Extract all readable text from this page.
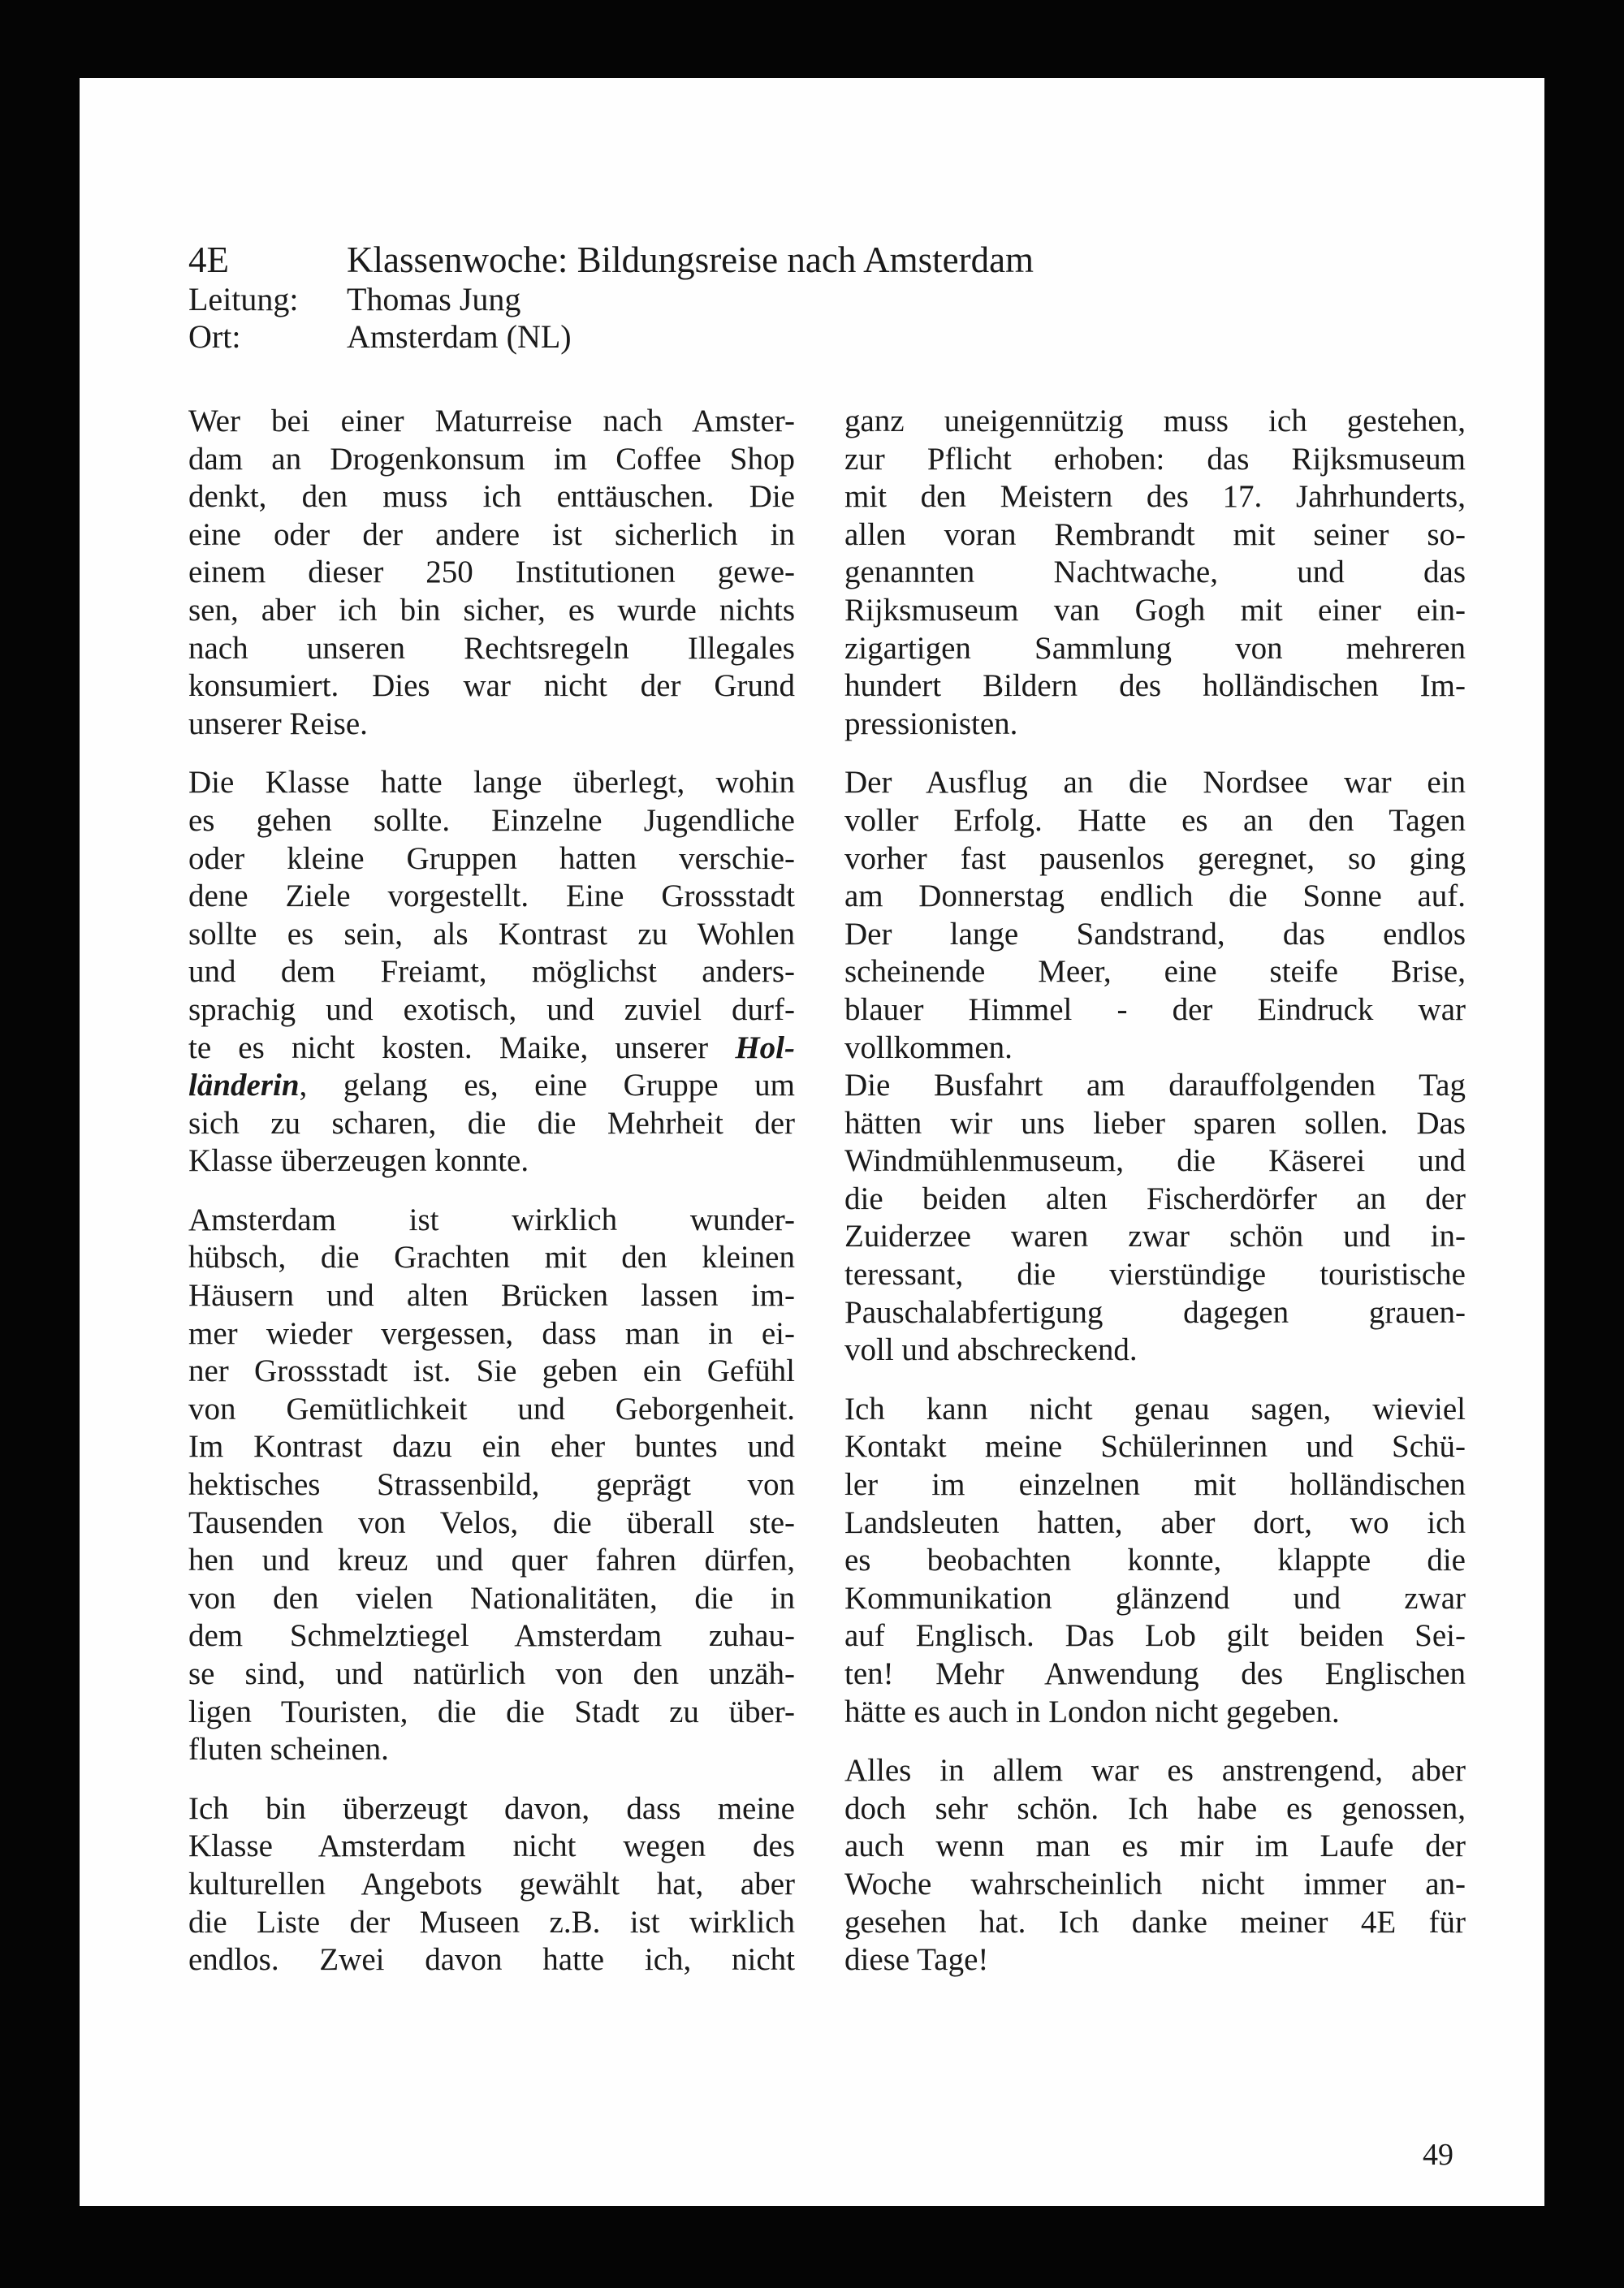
4E	Klassenwoche: Bildungsreise nach Amsterdam
Leitung:	Thomas Jung
Ort:	Amsterdam (NL)

Wer bei einer Maturreise nach Amster-
dam an Drogenkonsum im Coffee Shop
denkt, den muss ich enttäuschen. Die
eine oder der andere ist sicherlich in
einem dieser 250 Institutionen gewe-
sen, aber ich bin sicher, es wurde nichts
nach unseren Rechtsregeln Illegales
konsumiert. Dies war nicht der Grund
unserer Reise.

Die Klasse hatte lange überlegt, wohin
es gehen sollte. Einzelne Jugendliche
oder kleine Gruppen hatten verschie-
dene Ziele vorgestellt. Eine Grossstadt
sollte es sein, als Kontrast zu Wohlen
und dem Freiamt, möglichst anders-
sprachig und exotisch, und zuviel durf-
te es nicht kosten. Maike, unserer Hol-
länderin, gelang es, eine Gruppe um
sich zu scharen, die die Mehrheit der
Klasse überzeugen konnte.

Amsterdam ist wirklich wunder-
hübsch, die Grachten mit den kleinen
Häusern und alten Brücken lassen im-
mer wieder vergessen, dass man in ei-
ner Grossstadt ist. Sie geben ein Gefühl
von Gemütlichkeit und Geborgenheit.
Im Kontrast dazu ein eher buntes und
hektisches Strassenbild, geprägt von
Tausenden von Velos, die überall ste-
hen und kreuz und quer fahren dürfen,
von den vielen Nationalitäten, die in
dem Schmelztiegel Amsterdam zuhau-
se sind, und natürlich von den unzäh-
ligen Touristen, die die Stadt zu über-
fluten scheinen.

Ich bin überzeugt davon, dass meine
Klasse Amsterdam nicht wegen des
kulturellen Angebots gewählt hat, aber
die Liste der Museen z.B. ist wirklich
endlos. Zwei davon hatte ich, nicht

ganz uneigennützig muss ich gestehen,
zur Pflicht erhoben: das Rijksmuseum
mit den Meistern des 17. Jahrhunderts,
allen voran Rembrandt mit seiner so-
genannten Nachtwache, und das
Rijksmuseum van Gogh mit einer ein-
zigartigen Sammlung von mehreren
hundert Bildern des holländischen Im-
pressionisten.

Der Ausflug an die Nordsee war ein
voller Erfolg. Hatte es an den Tagen
vorher fast pausenlos geregnet, so ging
am Donnerstag endlich die Sonne auf.
Der lange Sandstrand, das endlos
scheinende Meer, eine steife Brise,
blauer Himmel - der Eindruck war
vollkommen.

Die Busfahrt am darauffolgenden Tag
hätten wir uns lieber sparen sollen. Das
Windmühlenmuseum, die Käserei und
die beiden alten Fischerdörfer an der
Zuiderzee waren zwar schön und in-
teressant, die vierstündige touristische
Pauschalabfertigung dagegen grauen-
voll und abschreckend.

Ich kann nicht genau sagen, wieviel
Kontakt meine Schülerinnen und Schü-
ler im einzelnen mit holländischen
Landsleuten hatten, aber dort, wo ich
es beobachten konnte, klappte die
Kommunikation glänzend und zwar
auf Englisch. Das Lob gilt beiden Sei-
ten! Mehr Anwendung des Englischen
hätte es auch in London nicht gegeben.

Alles in allem war es anstrengend, aber
doch sehr schön. Ich habe es genossen,
auch wenn man es mir im Laufe der
Woche wahrscheinlich nicht immer an-
gesehen hat. Ich danke meiner 4E für
diese Tage!

49
